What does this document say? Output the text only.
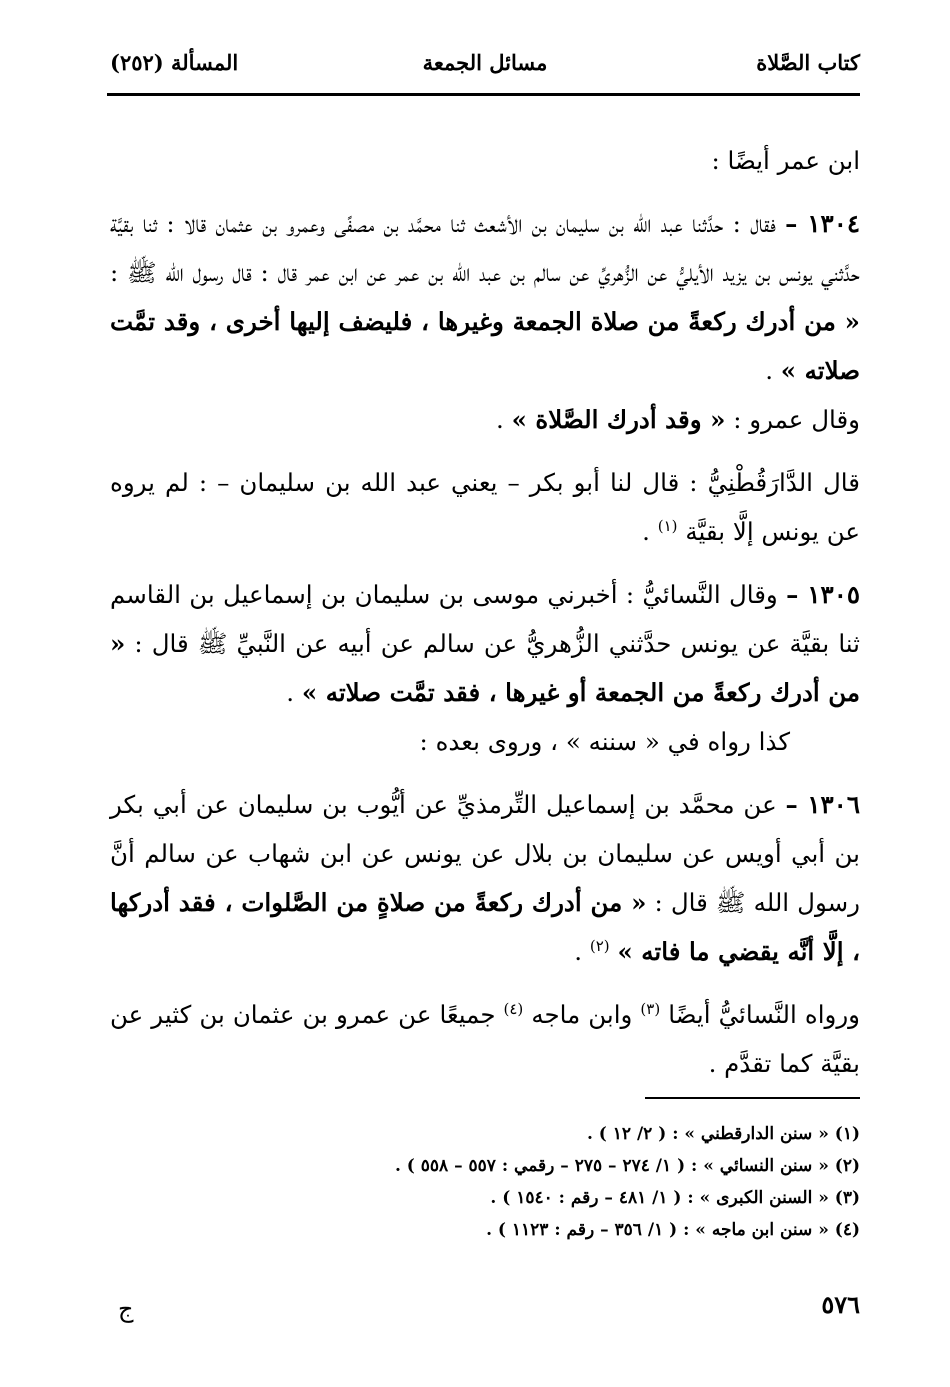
كتاب الصَّلاة
مسائل الجمعة
المسألة (٢٥٢)

ابن عمر أيضًا :

١٣٠٤ – فقال : حدَّثنا عبد الله بن سليمان بن الأشعث ثنا محمَّد بن مصفًى وعمرو بن عثمان قالا : ثنا بقيَّة حدَّثني يونس بن يزيد الأيليُّ عن الزُّهريِّ عن سالم بن عبد الله بن عمر عن ابن عمر قال : قال رسول الله ﷺ : « من أدرك ركعةً من صلاة الجمعة وغيرها ، فليضف إليها أخرى ، وقد تمَّت صلاته » .

وقال عمرو : « وقد أدرك الصَّلاة » .

قال الدَّارَقُطْنِيُّ : قال لنا أبو بكر – يعني عبد الله بن سليمان – : لم يروه عن يونس إلَّا بقيَّة $^{(١)}$ .

١٣٠٥ – وقال النَّسائيُّ : أخبرني موسى بن سليمان بن إسماعيل بن القاسم ثنا بقيَّة عن يونس حدَّثني الزُّهريُّ عن سالم عن أبيه عن النَّبيِّ ﷺ قال : « من أدرك ركعةً من الجمعة أو غيرها ، فقد تمَّت صلاته » .

كذا رواه في « سننه » ، وروى بعده :

١٣٠٦ – عن محمَّد بن إسماعيل التِّرمذيِّ عن أيُّوب بن سليمان عن أبي بكر بن أبي أويس عن سليمان بن بلال عن يونس عن ابن شهاب عن سالم أنَّ رسول الله ﷺ قال : « من أدرك ركعةً من صلاةٍ من الصَّلوات ، فقد أدركها ، إلَّا أنَّه يقضي ما فاته » $^{(٢)}$ .

ورواه النَّسائيُّ أيضًا $^{(٣)}$ وابن ماجه $^{(٤)}$ جميعًا عن عمرو بن عثمان بن كثير عن بقيَّة كما تقدَّم .

(١) « سنن الدارقطني » : ( ٢/ ١٢ ) .
(٢) « سنن النسائي » : ( ١/ ٢٧٤ – ٢٧٥ – رقمي : ٥٥٧ – ٥٥٨ ) .
(٣) « السنن الكبرى » : ( ١/ ٤٨١ – رقم : ١٥٤٠ ) .
(٤) « سنن ابن ماجه » : ( ١/ ٣٥٦ – رقم : ١١٢٣ ) .
٥٧٦
ج
